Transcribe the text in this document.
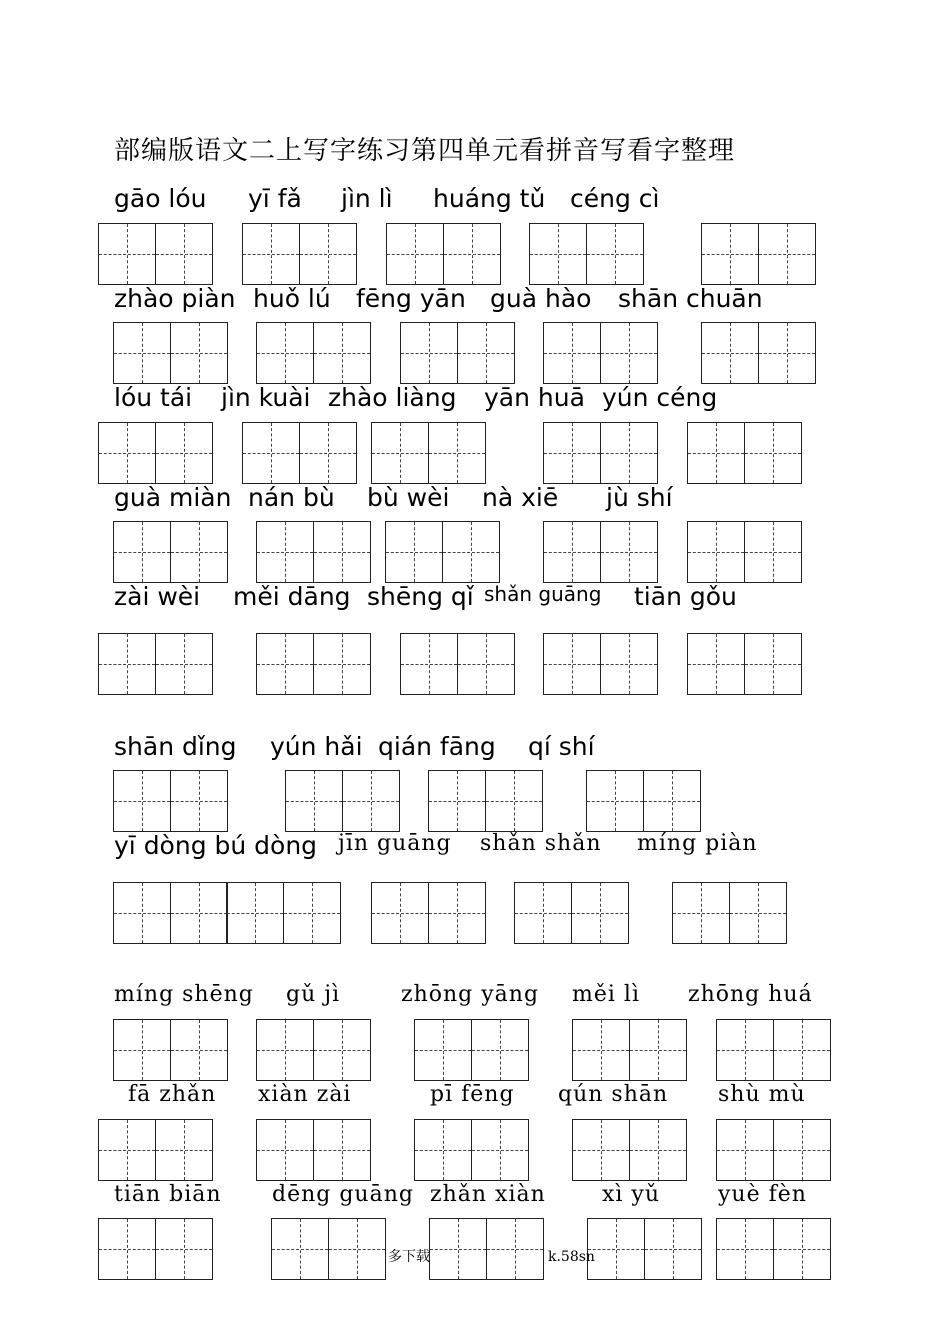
部编版语文二上写字练习第四单元看拼音写看字整理
gāo lóu yī fǎ jìn lì huáng tǔ céng cì
zhào piàn huǒ lú fēng yān guà hào shān chuān
lóu tái jìn kuài zhào liàng yān huā yún céng
guà miàn nán bù bù wèi nà xiē jù shí
zài wèi měi dāng shēng qǐ shǎn guāng tiān gǒu
shān dǐng yún hǎi qián fāng qí shí
yī dòng bú dòng jīn guāng shǎn shǎn míng piàn
míng shēng gǔ jì	zhōng yāng měi lì zhōng huá
fā zhǎn xiàn zài	pī fēng qún shān shù mù
tiān biān dēng guāng zhǎn xiàn	xì yǔ	yuè fèn
多下载	k.58sn
